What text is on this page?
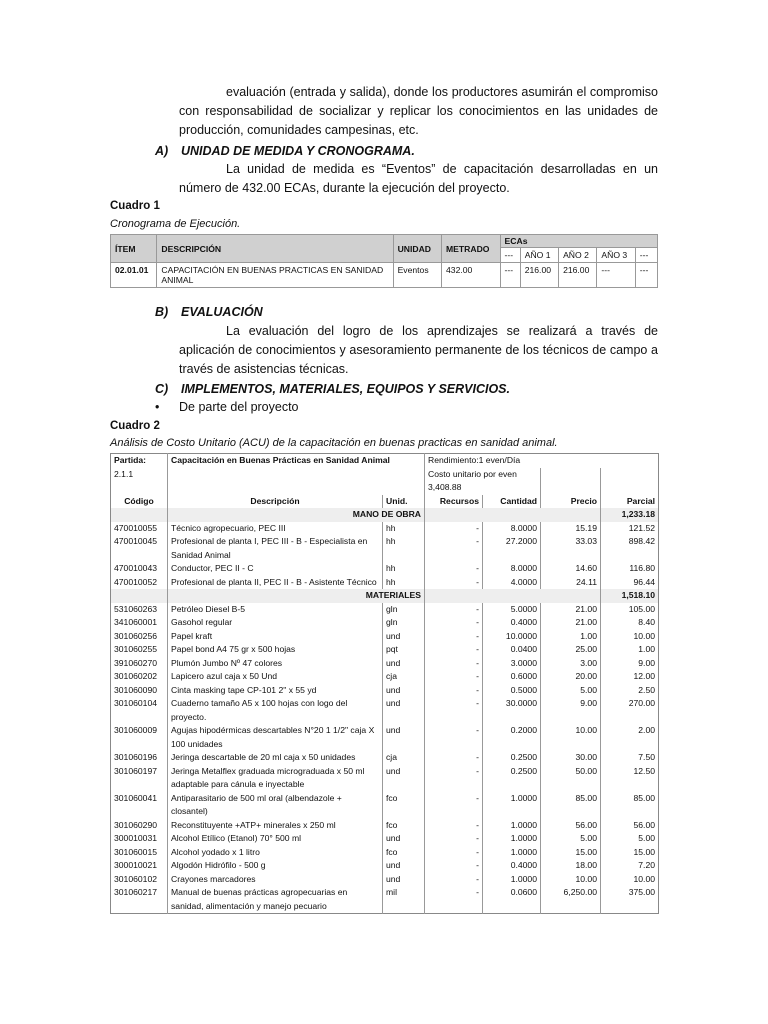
evaluación (entrada y salida), donde los productores asumirán el compromiso con responsabilidad de socializar y replicar los conocimientos en las unidades de producción, comunidades campesinas, etc.
A) UNIDAD DE MEDIDA Y CRONOGRAMA.
La unidad de medida es “Eventos” de capacitación desarrolladas en un número de 432.00 ECAs, durante la ejecución del proyecto.
Cuadro 1
Cronograma de Ejecución.
ÍTEM	DESCRIPCIÓN	UNIDAD	METRADO	ECAs				
				---	AÑO 1	AÑO 2	AÑO 3	---
02.01.01	CAPACITACIÓN EN BUENAS PRACTICAS EN SANIDAD ANIMAL	Eventos	432.00	---	216.00	216.00	---	---
B) EVALUACIÓN
La evaluación del logro de los aprendizajes se realizará a través de aplicación de conocimientos y asesoramiento permanente de los técnicos de campo a través de asistencias técnicas.
C) IMPLEMENTOS, MATERIALES, EQUIPOS Y SERVICIOS.
• De parte del proyecto
Cuadro 2
Análisis de Costo Unitario (ACU) de la capacitación en buenas practicas en sanidad animal.
Partida:	Capacitación en Buenas Prácticas en Sanidad Animal		Rendimiento:1 even/Día			
2.1.1			Costo unitario por even
3,408.88			
Código	Descripción	Unid.	Recursos	Cantidad	Precio	Parcial
	MANO DE OBRA					1,233.18
470010055	Técnico agropecuario, PEC III	hh	-	8.0000	15.19	121.52
470010045	Profesional de planta I, PEC III - B - Especialista en Sanidad Animal	hh	-	27.2000	33.03	898.42
470010043	Conductor, PEC II - C	hh	-	8.0000	14.60	116.80
470010052	Profesional de planta II, PEC II - B - Asistente Técnico	hh	-	4.0000	24.11	96.44
	MATERIALES					1,518.10
531060263	Petróleo Diesel B-5	gln	-	5.0000	21.00	105.00
341060001	Gasohol regular	gln	-	0.4000	21.00	8.40
301060256	Papel kraft	und	-	10.0000	1.00	10.00
301060255	Papel bond A4 75 gr x 500 hojas	pqt	-	0.0400	25.00	1.00
391060270	Plumón Jumbo Nº 47 colores	und	-	3.0000	3.00	9.00
301060202	Lapicero azul caja x 50 Und	cja	-	0.6000	20.00	12.00
301060090	Cinta masking tape CP-101 2" x 55 yd	und	-	0.5000	5.00	2.50
301060104	Cuaderno tamaño A5 x 100 hojas con logo del proyecto.	und	-	30.0000	9.00	270.00
301060009	Agujas hipodérmicas descartables N°20 1 1/2" caja X 100 unidades	und	-	0.2000	10.00	2.00
301060196	Jeringa descartable de 20 ml caja x 50 unidades	cja	-	0.2500	30.00	7.50
301060197	Jeringa Metalflex graduada micrograduada x 50 ml adaptable para cánula e inyectable	und	-	0.2500	50.00	12.50
301060041	Antiparasitario de 500 ml oral (albendazole + closantel)	fco	-	1.0000	85.00	85.00
301060290	Reconstituyente +ATP+ minerales x 250 ml	fco	-	1.0000	56.00	56.00
300010031	Alcohol Etílico (Etanol) 70° 500 ml	und	-	1.0000	5.00	5.00
301060015	Alcohol yodado x 1 litro	fco	-	1.0000	15.00	15.00
300010021	Algodón Hidrófilo - 500 g	und	-	0.4000	18.00	7.20
301060102	Crayones marcadores	und	-	1.0000	10.00	10.00
301060217	Manual de buenas prácticas agropecuarias en sanidad, alimentación y manejo pecuario	mil	-	0.0600	6,250.00	375.00
